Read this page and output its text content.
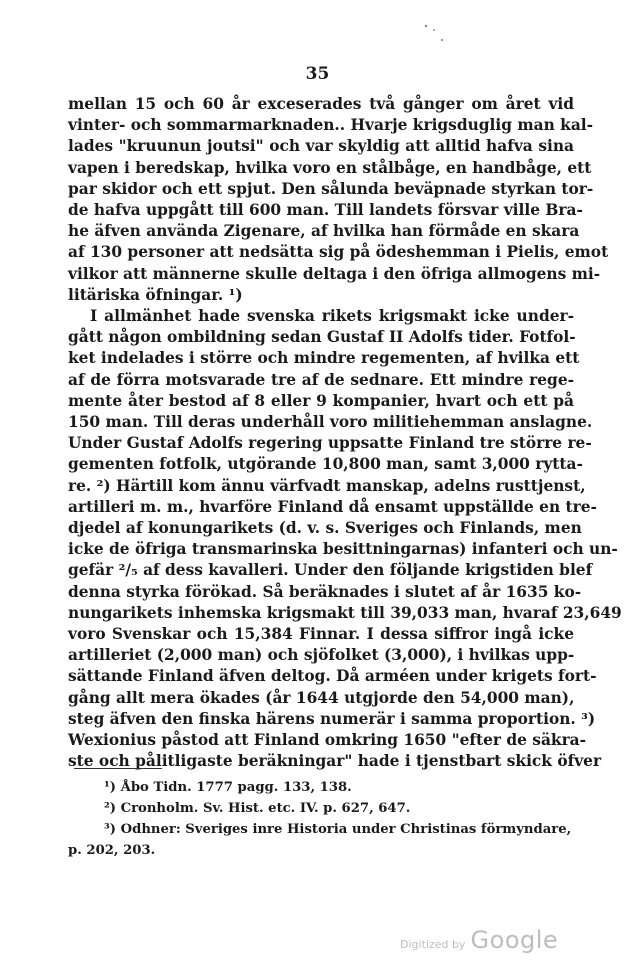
35
mellan 15 och 60 år exceserades två gånger om året vid
vinter- och sommarmarknaden.. Hvarje krigsduglig man kal-
lades "kruunun joutsi" och var skyldig att alltid hafva sina
vapen i beredskap, hvilka voro en stålbåge, en handbåge, ett
par skidor och ett spjut. Den sålunda beväpnade styrkan tor-
de hafva uppgått till 600 man. Till landets försvar ville Bra-
he äfven använda Zigenare, af hvilka han förmåde en skara
af 130 personer att nedsätta sig på ödeshemman i Pielis, emot
vilkor att männerne skulle deltaga i den öfriga allmogens mi-
litäriska öfningar. ¹)
I allmänhet hade svenska rikets krigsmakt icke under-
gått någon ombildning sedan Gustaf II Adolfs tider. Fotfol-
ket indelades i större och mindre regementen, af hvilka ett
af de förra motsvarade tre af de sednare. Ett mindre rege-
mente åter bestod af 8 eller 9 kompanier, hvart och ett på
150 man. Till deras underhåll voro militiehemman anslagne.
Under Gustaf Adolfs regering uppsatte Finland tre större re-
gementen fotfolk, utgörande 10,800 man, samt 3,000 rytta-
re. ²) Härtill kom ännu värfvadt manskap, adelns rusttjenst,
artilleri m. m., hvarföre Finland då ensamt uppställde en tre-
djedel af konungarikets (d. v. s. Sveriges och Finlands, men
icke de öfriga transmarinska besittningarnas) infanteri och un-
gefär ²/₅ af dess kavalleri. Under den följande krigstiden blef
denna styrka förökad. Så beräknades i slutet af år 1635 ko-
nungarikets inhemska krigsmakt till 39,033 man, hvaraf 23,649
voro Svenskar och 15,384 Finnar. I dessa siffror ingå icke
artilleriet (2,000 man) och sjöfolket (3,000), i hvilkas upp-
sättande Finland äfven deltog. Då arméen under krigets fort-
gång allt mera ökades (år 1644 utgjorde den 54,000 man),
steg äfven den finska härens numerär i samma proportion. ³)
Wexionius påstod att Finland omkring 1650 "efter de säkra-
ste och pålitligaste beräkningar" hade i tjenstbart skick öfver
¹) Åbo Tidn. 1777 pagg. 133, 138.
²) Cronholm. Sv. Hist. etc. IV. p. 627, 647.
³) Odhner: Sveriges inre Historia under Christinas förmyndare,
p. 202, 203.
Digitized by Google
